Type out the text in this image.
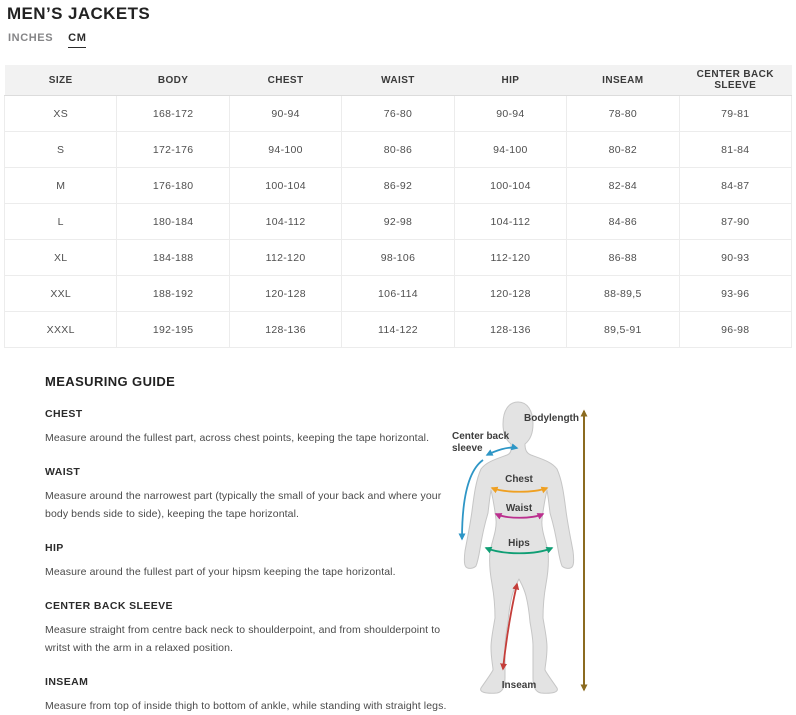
MEN’S JACKETS
INCHES CM
SIZE	BODY	CHEST	WAIST	HIP	INSEAM	CENTER BACK SLEEVE
XS	168-172	90-94	76-80	90-94	78-80	79-81
S	172-176	94-100	80-86	94-100	80-82	81-84
M	176-180	100-104	86-92	100-104	82-84	84-87
L	180-184	104-112	92-98	104-112	84-86	87-90
XL	184-188	112-120	98-106	112-120	86-88	90-93
XXL	188-192	120-128	106-114	120-128	88-89,5	93-96
XXXL	192-195	128-136	114-122	128-136	89,5-91	96-98
MEASURING GUIDE
CHEST

Measure around the fullest part, across chest points, keeping the tape horizontal.

WAIST

Measure around the narrowest part (typically the small of your back and where your body bends side to side), keeping the tape horizontal.

HIP

Measure around the fullest part of your hipsm keeping the tape horizontal.

CENTER BACK SLEEVE

Measure straight from centre back neck to shoulderpoint, and from shoulderpoint to writst with the arm in a relaxed position.

INSEAM

Measure from top of inside thigh to bottom of ankle, while standing with straight legs.

Bodylength
Center back
sleeve
Chest
Waist
Hips
Inseam
